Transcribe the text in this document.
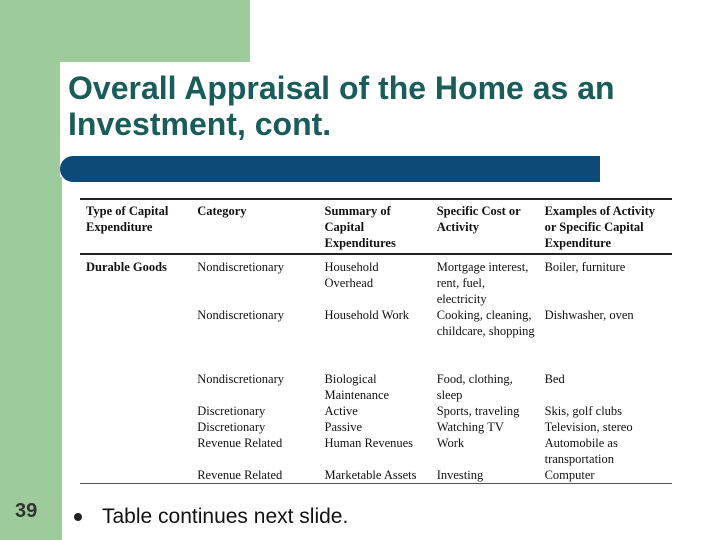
Overall Appraisal of the Home as an Investment, cont.
Type of Capital Expenditure	Category	Summary of Capital Expenditures	Specific Cost or Activity	Examples of Activity or Specific Capital Expenditure
Durable Goods	Nondiscretionary	Household Overhead	Mortgage interest, rent, fuel, electricity	Boiler, furniture
	Nondiscretionary	Household Work	Cooking, cleaning, childcare, shopping	Dishwasher, oven
	Nondiscretionary	Biological Maintenance	Food, clothing, sleep	Bed
	Discretionary	Active	Sports, traveling	Skis, golf clubs
	Discretionary	Passive	Watching TV	Television, stereo
	Revenue Related	Human Revenues	Work	Automobile as transportation
	Revenue Related	Marketable Assets	Investing	Computer
39	Table continues next slide.
